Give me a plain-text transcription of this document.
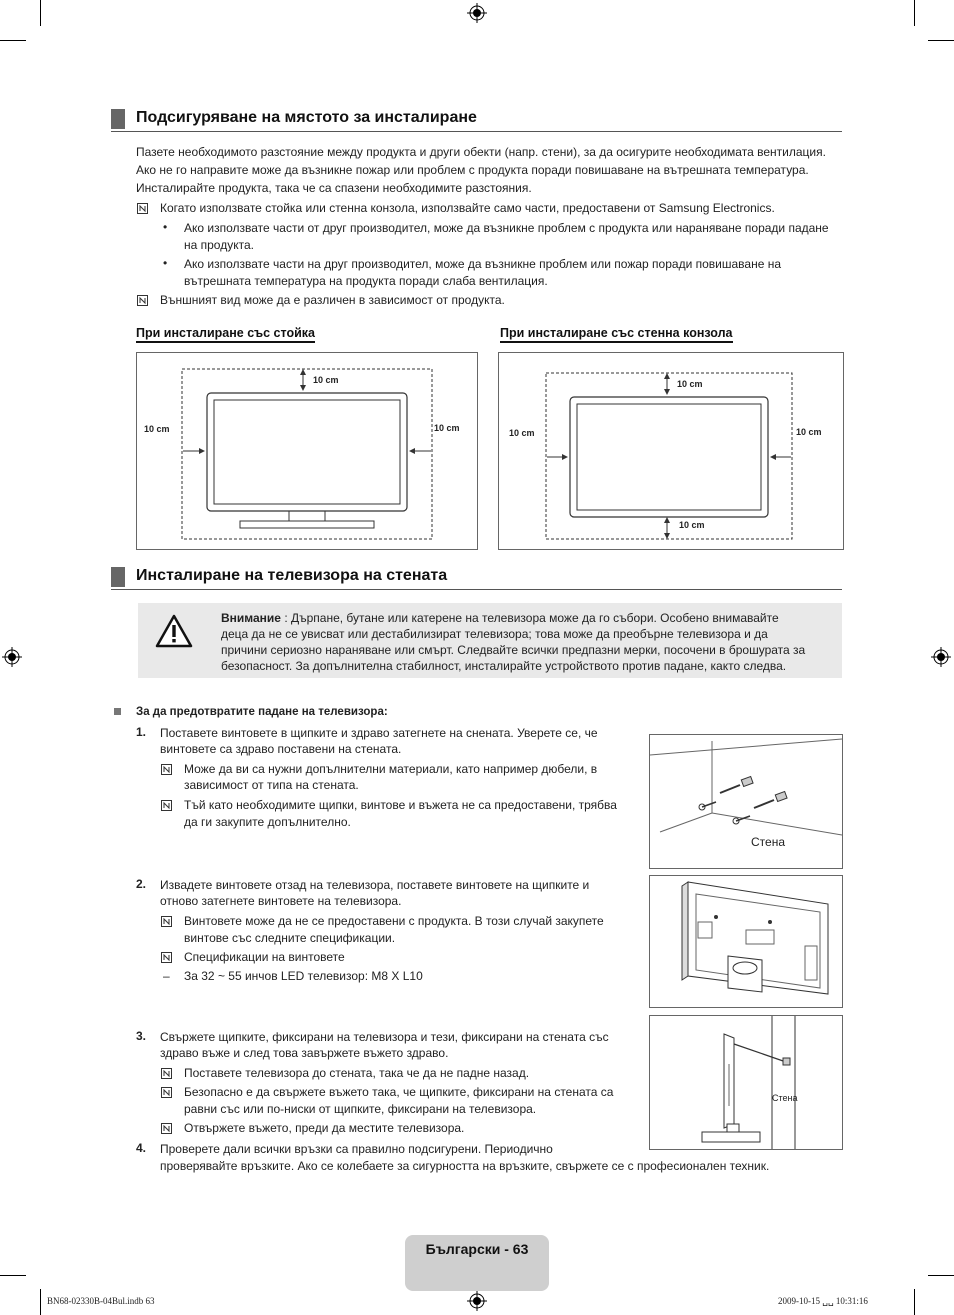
Подсигуряване на мястото за инсталиране
Пазете необходимото разстояние между продукта и други обекти (напр. стени), за да осигурите необходимата вентилация.
Ако не го направите може да възникне пожар или проблем с продукта поради повишаване на вътрешната температура.
Инсталирайте продукта, така че са спазени необходимите разстояния.
Когато използвате стойка или стенна конзола, използвайте само части, предоставени от Samsung Electronics.
• Ако използвате части от друг производител, може да възникне проблем с продукта или нараняване поради падане
на продукта.
• Ако използвате части на друг производител, може да възникне проблем или пожар поради повишаване на
вътрешната температура на продукта поради слаба вентилация.
Външният вид може да е различен в зависимост от продукта.
При инсталиране със стойка	При инсталиране със стенна конзола
10 cm
10 cm	10 cm
10 cm
10 cm	10 cm
10 cm
Инсталиране на телевизора на стената
Внимание : Дърпане, бутане или катерене на телевизора може да го събори. Особено внимавайте
деца да не се увисват или дестабилизират телевизора; това може да преобърне телевизора и да
причини сериозно нараняване или смърт. Следвайте всички предпазни мерки, посочени в брошурата за
безопасност. За допълнителна стабилност, инсталирайте устройството против падане, както следва.
За да предотвратите падане на телевизора:
1. Поставете винтовете в щипките и здраво затегнете на снената. Уверете се, че
винтовете са здраво поставени на стената.
Може да ви са нужни допълнителни материали, като например дюбели, в
зависимост от типа на стената.
Тъй като необходимите щипки, винтове и въжета не са предоставени, трябва
да ги закупите допълнително.
Стена
2. Извадете винтовете отзад на телевизора, поставете винтовете на щипките и
отново затегнете винтовете на телевизора.
Винтовете може да не се предоставени с продукта. В този случай закупете
винтове със следните спецификации.
Спецификации на винтовете
– За 32 ~ 55 инчов LED телевизор: M8 X L10
3. Свържете щипките, фиксирани на телевизора и тези, фиксирани на стената със
здраво въже и след това завържете въжето здраво.
Поставете телевизора до стената, така че да не падне назад.
Безопасно е да свържете въжето така, че щипките, фиксирани на стената са
равни със или по-ниски от щипките, фиксирани на телевизора.
Отвържете въжето, преди да местите телевизора.
Стена
4. Проверете дали всички връзки са правилно подсигурени. Периодично
проверявайте връзките. Ако се колебаете за сигурността на връзките, свържете се с професионален техник.
Български - 63
BN68-02330B-04Bul.indb 63	2009-10-15 ␣␣ 10:31:16
